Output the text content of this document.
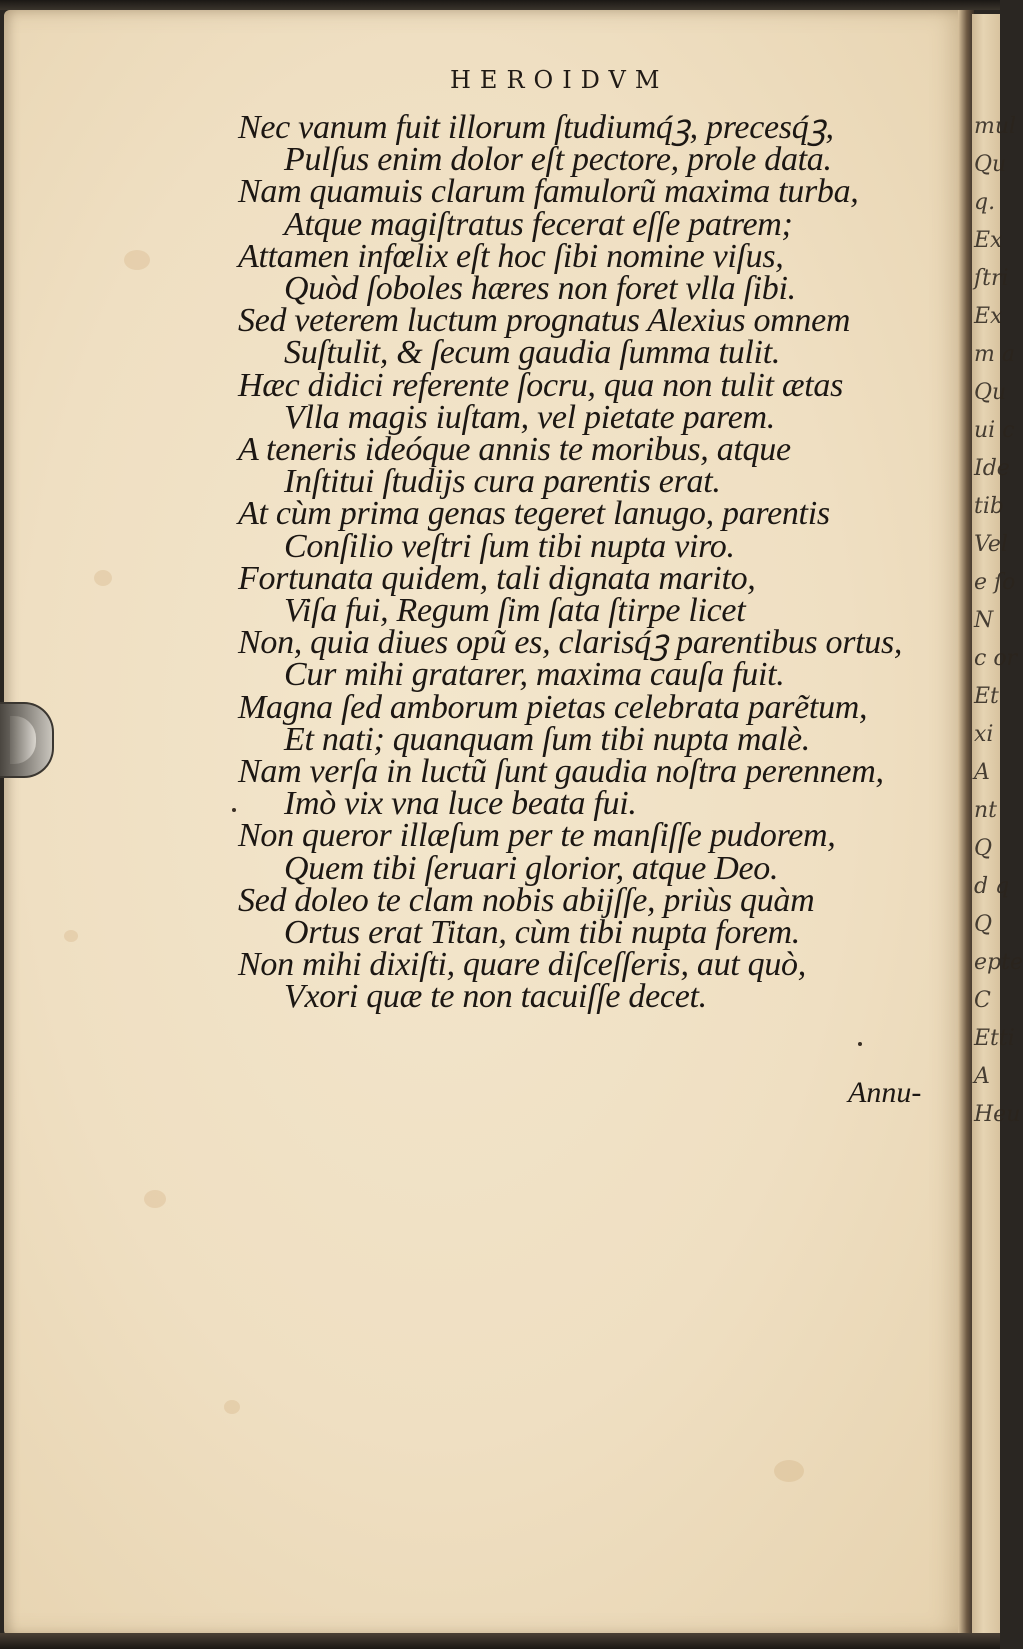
mul
Qu
q.
Ex
ſtri
Ex
m a
Qu
ui c
Ide
tib
Vel
e ſo
N
c or
Et
xi
A
nt
Q
d q
Q
epte
C
Etti
A
Heu
HEROIDVM
Nec vanum fuit illorum ſtudiumq́ꝫ, precesq́ꝫ,
Pulſus enim dolor eſt pectore, prole data.
Nam quamuis clarum famulorũ maxima turba,
Atque magiſtratus fecerat eſſe patrem;
Attamen infœlix eſt hoc ſibi nomine viſus,
Quòd ſoboles hæres non foret vlla ſibi.
Sed veterem luctum prognatus Alexius omnem
Suſtulit, & ſecum gaudia ſumma tulit.
Hæc didici referente ſocru, qua non tulit ætas
Vlla magis iuſtam, vel pietate parem.
A teneris ideóque annis te moribus, atque
Inſtitui ſtudijs cura parentis erat.
At cùm prima genas tegeret lanugo, parentis
Conſilio veſtri ſum tibi nupta viro.
Fortunata quidem, tali dignata marito,
Viſa fui, Regum ſim ſata ſtirpe licet
Non, quia diues opũ es, clarisq́ꝫ parentibus ortus,
Cur mihi gratarer, maxima cauſa fuit.
Magna ſed amborum pietas celebrata parẽtum,
Et nati; quanquam ſum tibi nupta malè.
Nam verſa in luctũ ſunt gaudia noſtra perennem,
Imò vix vna luce beata fui.
Non queror illæſum per te manſiſſe pudorem,
Quem tibi ſeruari glorior, atque Deo.
Sed doleo te clam nobis abijſſe, priùs quàm
Ortus erat Titan, cùm tibi nupta forem.
Non mihi dixiſti, quare diſceſſeris, aut quò,
Vxori quæ te non tacuiſſe decet.
Annu-
